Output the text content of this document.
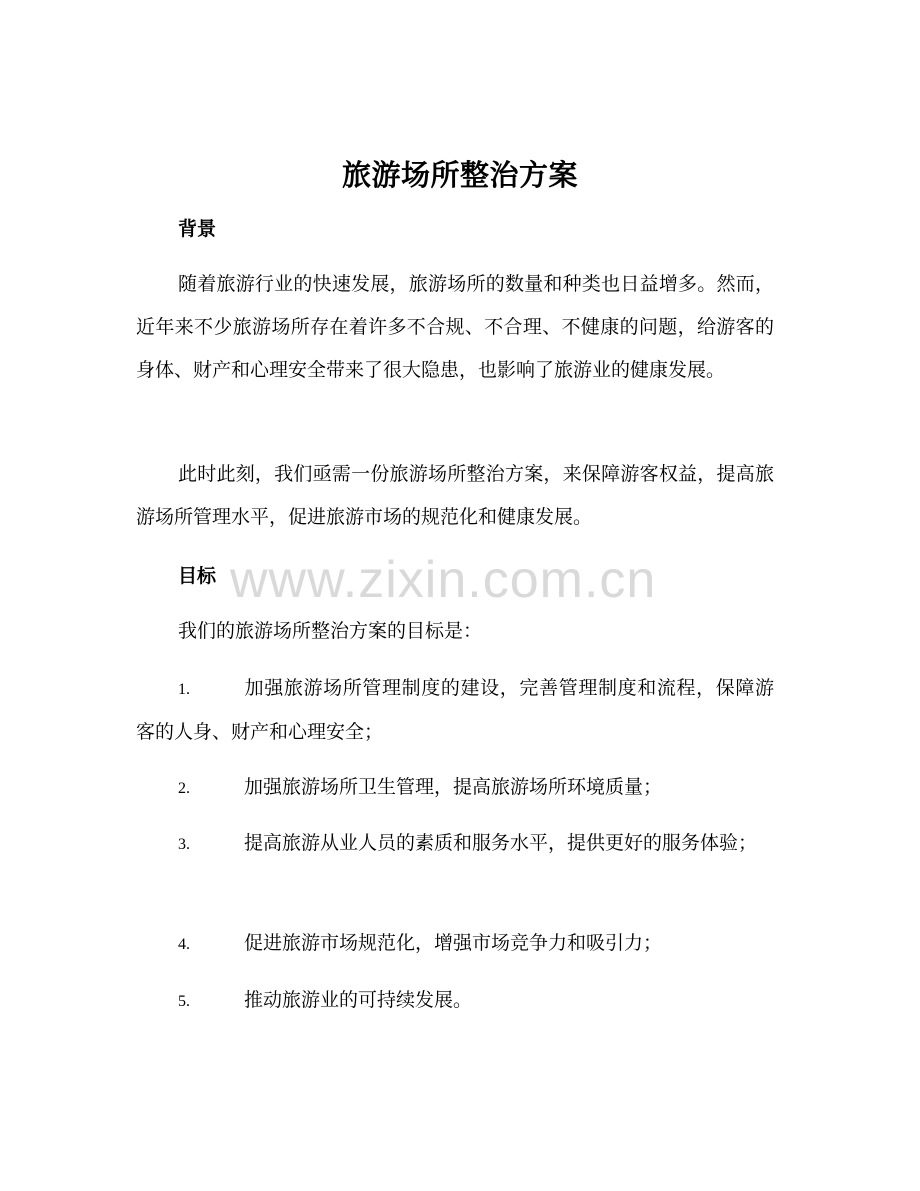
www.zixin.com.cn
旅游场所整治方案
背景

随着旅游行业的快速发展，旅游场所的数量和种类也日益增多。然而，近年来不少旅游场所存在着许多不合规、不合理、不健康的问题，给游客的身体、财产和心理安全带来了很大隐患，也影响了旅游业的健康发展。

此时此刻，我们亟需一份旅游场所整治方案，来保障游客权益，提高旅游场所管理水平，促进旅游市场的规范化和健康发展。

目标

我们的旅游场所整治方案的目标是：

1.	加强旅游场所管理制度的建设，完善管理制度和流程，保障游客的人身、财产和心理安全；

2.	加强旅游场所卫生管理，提高旅游场所环境质量；

3.	提高旅游从业人员的素质和服务水平，提供更好的服务体验；

4.	促进旅游市场规范化，增强市场竞争力和吸引力；

5.	推动旅游业的可持续发展。
